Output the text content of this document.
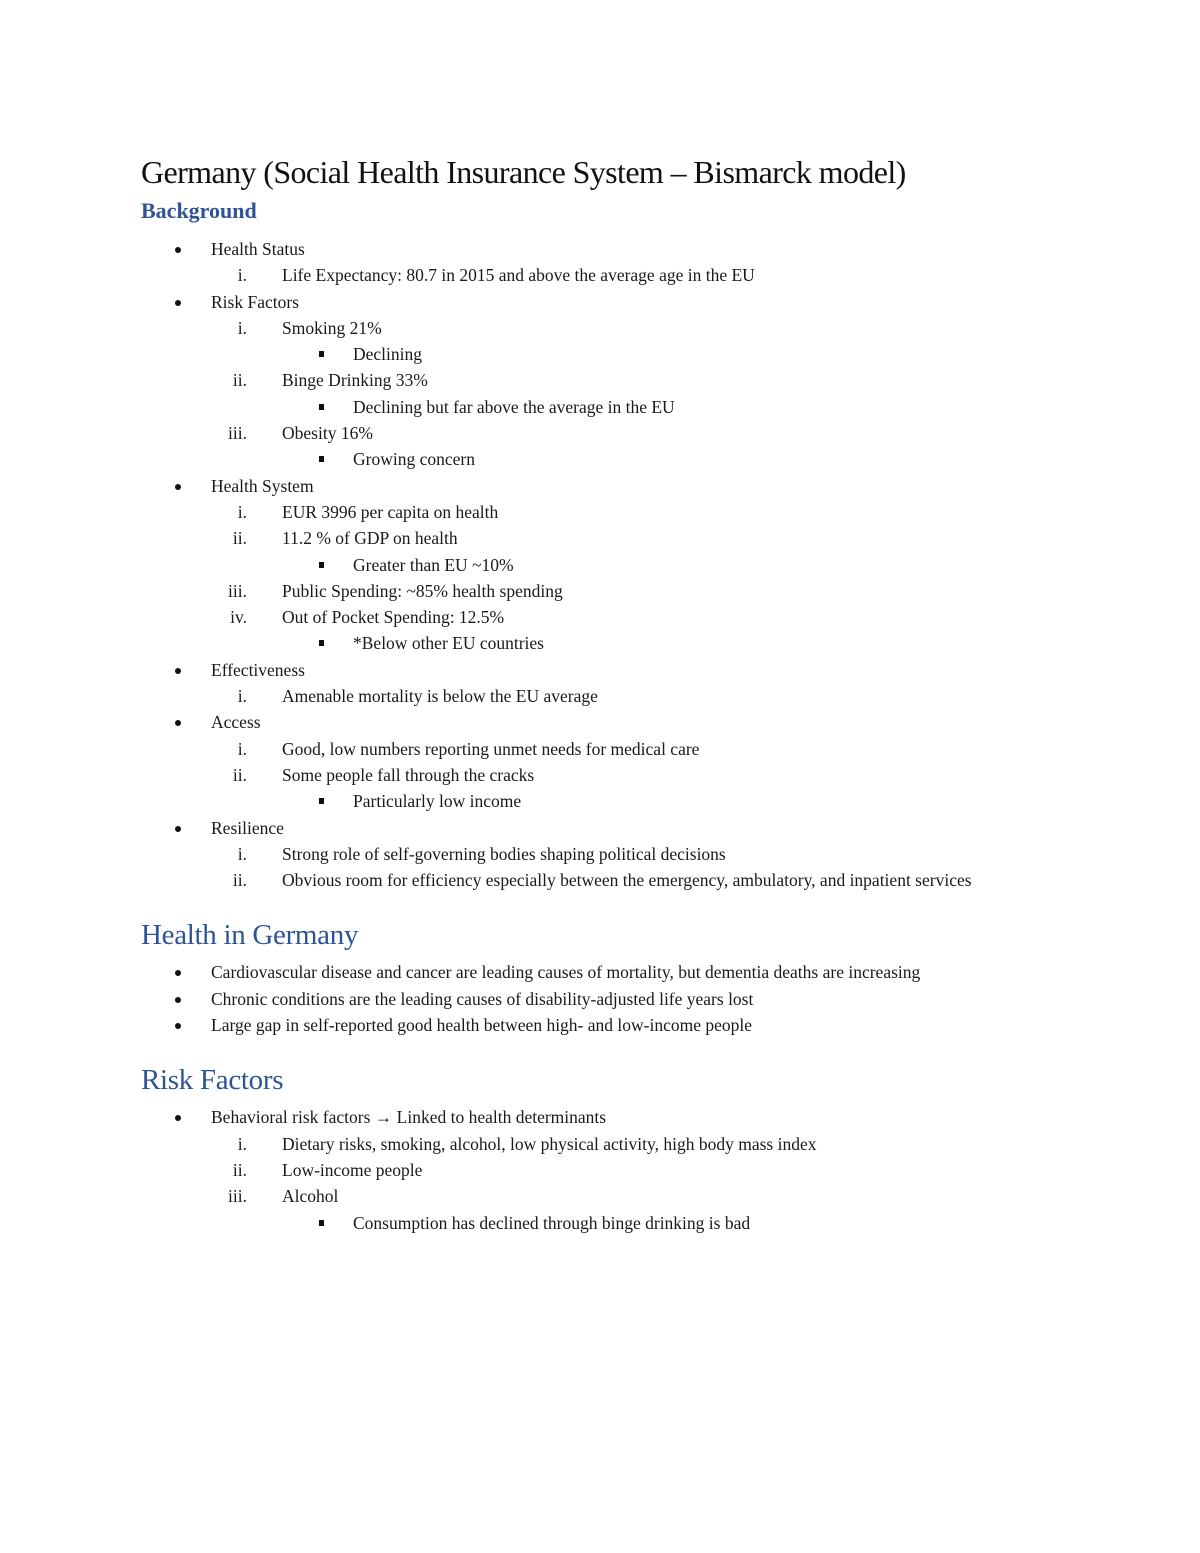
Germany (Social Health Insurance System – Bismarck model)
Background
Health Status
i. Life Expectancy: 80.7 in 2015 and above the average age in the EU
Risk Factors
i. Smoking 21%
Declining
ii. Binge Drinking 33%
Declining but far above the average in the EU
iii. Obesity 16%
Growing concern
Health System
i. EUR 3996 per capita on health
ii. 11.2 % of GDP on health
Greater than EU ~10%
iii. Public Spending: ~85% health spending
iv. Out of Pocket Spending: 12.5%
*Below other EU countries
Effectiveness
i. Amenable mortality is below the EU average
Access
i. Good, low numbers reporting unmet needs for medical care
ii. Some people fall through the cracks
Particularly low income
Resilience
i. Strong role of self-governing bodies shaping political decisions
ii. Obvious room for efficiency especially between the emergency, ambulatory, and inpatient services
Health in Germany
Cardiovascular disease and cancer are leading causes of mortality, but dementia deaths are increasing
Chronic conditions are the leading causes of disability-adjusted life years lost
Large gap in self-reported good health between high- and low-income people
Risk Factors
Behavioral risk factors → Linked to health determinants
i. Dietary risks, smoking, alcohol, low physical activity, high body mass index
ii. Low-income people
iii. Alcohol
Consumption has declined through binge drinking is bad
